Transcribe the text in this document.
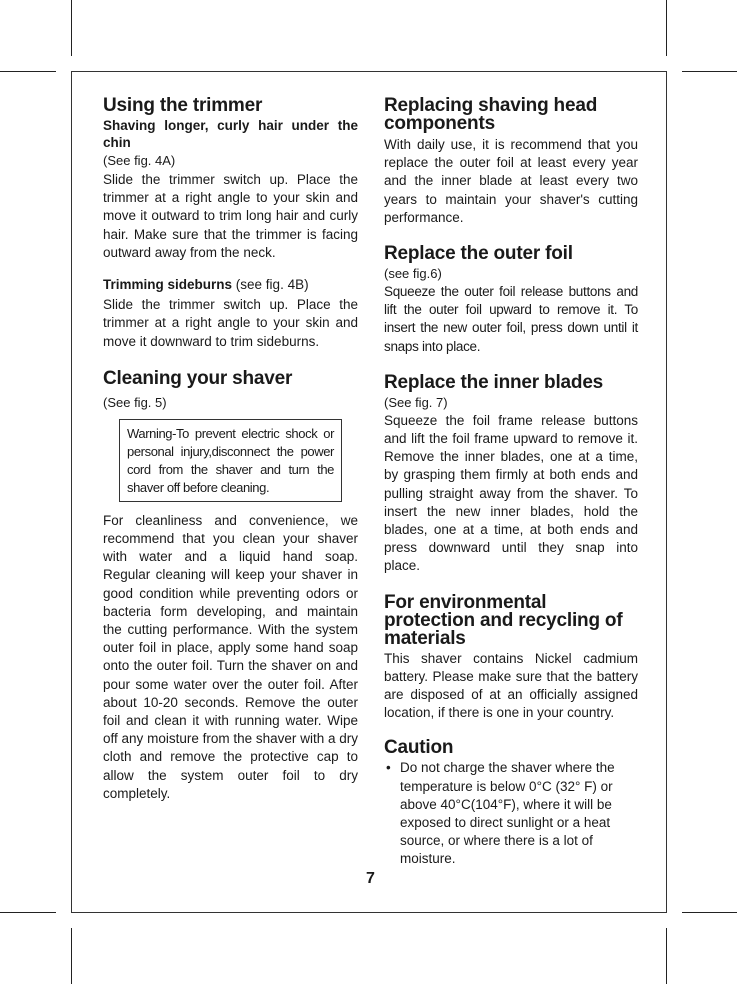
Using the trimmer

Shaving longer, curly hair under the chin

(See fig. 4A)

Slide the trimmer switch up. Place the trimmer at a right angle to your skin and move it outward to trim long hair and curly hair. Make sure that the trimmer is facing outward away from the neck.

Trimming sideburns (see fig. 4B)

Slide the trimmer switch up. Place the trimmer at a right angle to your skin and move it downward to trim sideburns.

Cleaning your shaver

(See fig. 5)

Warning-To prevent electric shock or personal injury,disconnect the power cord from the shaver and turn the shaver off before cleaning.

For cleanliness and convenience, we recommend that you clean your shaver with water and a liquid hand soap. Regular cleaning will keep your shaver in good condition while preventing odors or bacteria form developing, and maintain the cutting performance. With the system outer foil in place, apply some hand soap onto the outer foil. Turn the shaver on and pour some water over the outer foil. After about 10-20 seconds. Remove the outer foil and clean it with running water. Wipe off any moisture from the shaver with a dry cloth and remove the protective cap to allow the system outer foil to dry completely.

Replacing shaving head components

With daily use, it is recommend that you replace the outer foil at least every year and the inner blade at least every two years to maintain your shaver's cutting performance.

Replace the outer foil

(see fig.6)

Squeeze the outer foil release buttons and lift the outer foil upward to remove it. To insert the new outer foil, press down until it snaps into place.

Replace the inner blades

(See fig. 7)

Squeeze the foil frame release buttons and lift the foil frame upward to remove it. Remove the inner blades, one at a time, by grasping them firmly at both ends and pulling straight away from the shaver. To insert the new inner blades, hold the blades, one at a time, at both ends and press downward until they snap into place.

For environmental protection and recycling of materials

This shaver contains Nickel cadmium battery. Please make sure that the battery are disposed of at an officially assigned location, if there is one in your country.

Caution
• Do not charge the shaver where the temperature is below 0°C (32° F) or above 40°C(104°F), where it will be exposed to direct sunlight or a heat source, or where there is a lot of moisture.
7
